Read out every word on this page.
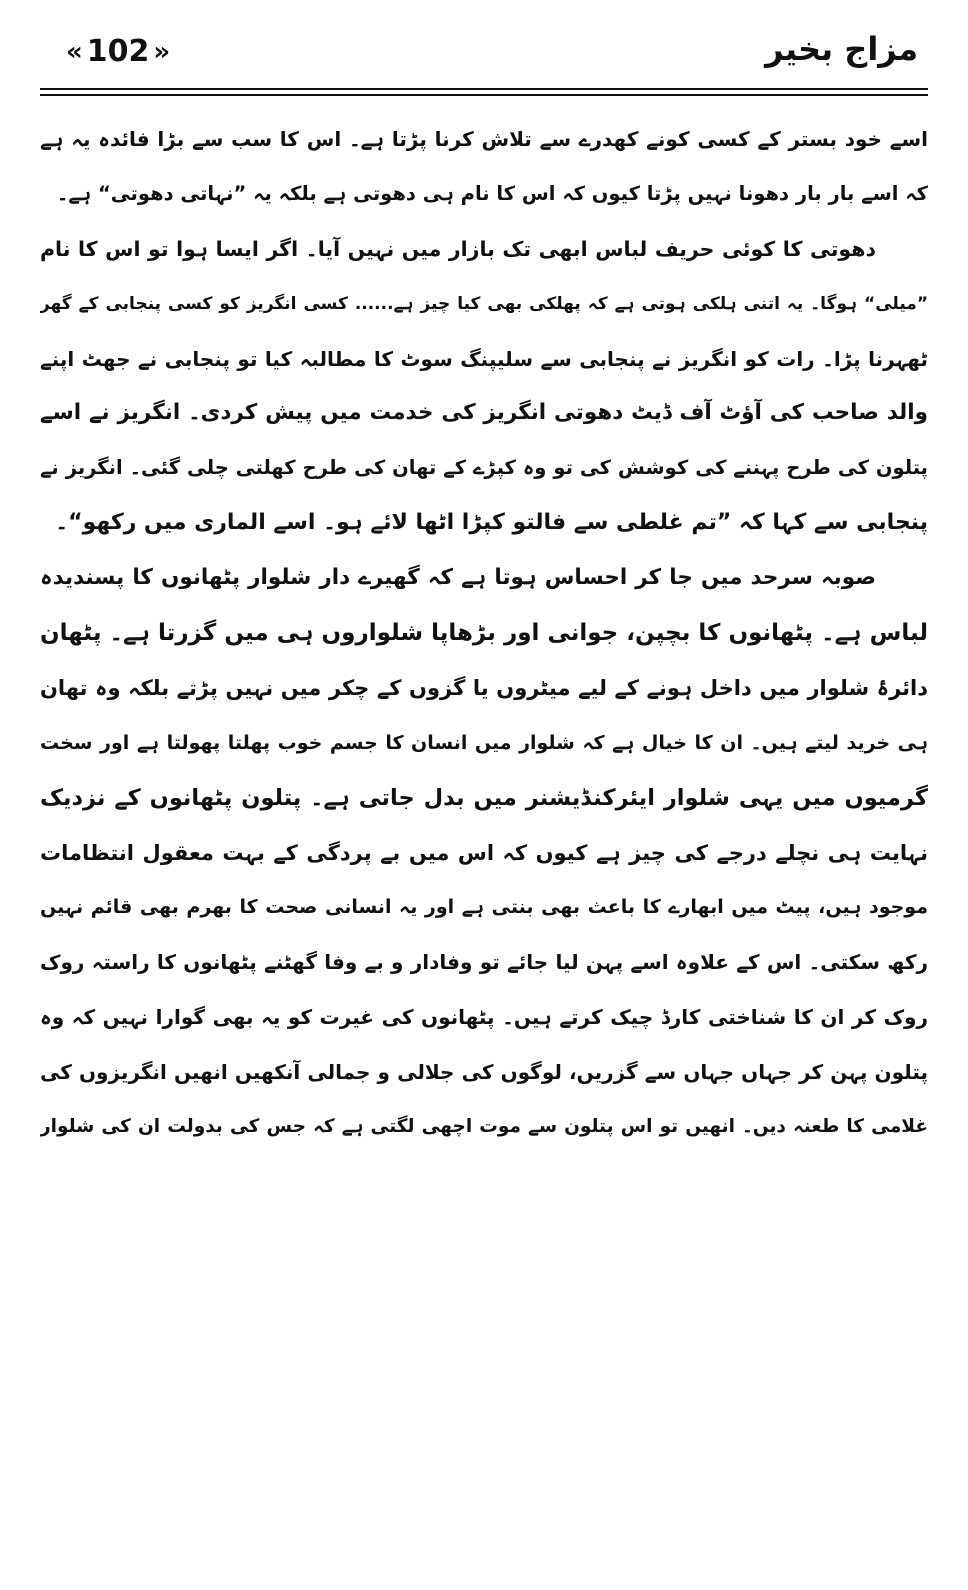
« 102 »	مزاج بخیر
اسے خود بستر کے کسی کونے کھدرے سے تلاش کرنا پڑتا ہے۔ اس کا سب سے بڑا فائدہ یہ ہے
کہ اسے بار بار دھونا نہیں پڑتا کیوں کہ اس کا نام ہی دھوتی ہے بلکہ یہ ”نہاتی دھوتی“ ہے۔
دھوتی کا کوئی حریف لباس ابھی تک بازار میں نہیں آیا۔ اگر ایسا ہوا تو اس کا نام
”میلی“ ہوگا۔ یہ اتنی ہلکی ہوتی ہے کہ پھلکی بھی کیا چیز ہے...... کسی انگریز کو کسی پنجابی کے گھر
ٹھہرنا پڑا۔ رات کو انگریز نے پنجابی سے سلیپنگ سوٹ کا مطالبہ کیا تو پنجابی نے جھٹ اپنے
والد صاحب کی آؤٹ آف ڈیٹ دھوتی انگریز کی خدمت میں پیش کردی۔ انگریز نے اسے
پتلون کی طرح پہننے کی کوشش کی تو وہ کپڑے کے تھان کی طرح کھلتی چلی گئی۔ انگریز نے
پنجابی سے کہا کہ ”تم غلطی سے فالتو کپڑا اٹھا لائے ہو۔ اسے الماری میں رکھو“۔
صوبہ سرحد میں جا کر احساس ہوتا ہے کہ گھیرے دار شلوار پٹھانوں کا پسندیدہ
لباس ہے۔ پٹھانوں کا بچپن، جوانی اور بڑھاپا شلواروں ہی میں گزرتا ہے۔ پٹھان
دائرۂ شلوار میں داخل ہونے کے لیے میٹروں یا گزوں کے چکر میں نہیں پڑتے بلکہ وہ تھان
ہی خرید لیتے ہیں۔ ان کا خیال ہے کہ شلوار میں انسان کا جسم خوب پھلتا پھولتا ہے اور سخت
گرمیوں میں یہی شلوار ایئرکنڈیشنر میں بدل جاتی ہے۔ پتلون پٹھانوں کے نزدیک
نہایت ہی نچلے درجے کی چیز ہے کیوں کہ اس میں بے پردگی کے بہت معقول انتظامات
موجود ہیں، پیٹ میں ابھارے کا باعث بھی بنتی ہے اور یہ انسانی صحت کا بھرم بھی قائم نہیں
رکھ سکتی۔ اس کے علاوہ اسے پہن لیا جائے تو وفادار و بے وفا گھٹنے پٹھانوں کا راستہ روک
روک کر ان کا شناختی کارڈ چیک کرتے ہیں۔ پٹھانوں کی غیرت کو یہ بھی گوارا نہیں کہ وہ
پتلون پہن کر جہاں جہاں سے گزریں، لوگوں کی جلالی و جمالی آنکھیں انھیں انگریزوں کی
غلامی کا طعنہ دیں۔ انھیں تو اس پتلون سے موت اچھی لگتی ہے کہ جس کی بدولت ان کی شلوار
